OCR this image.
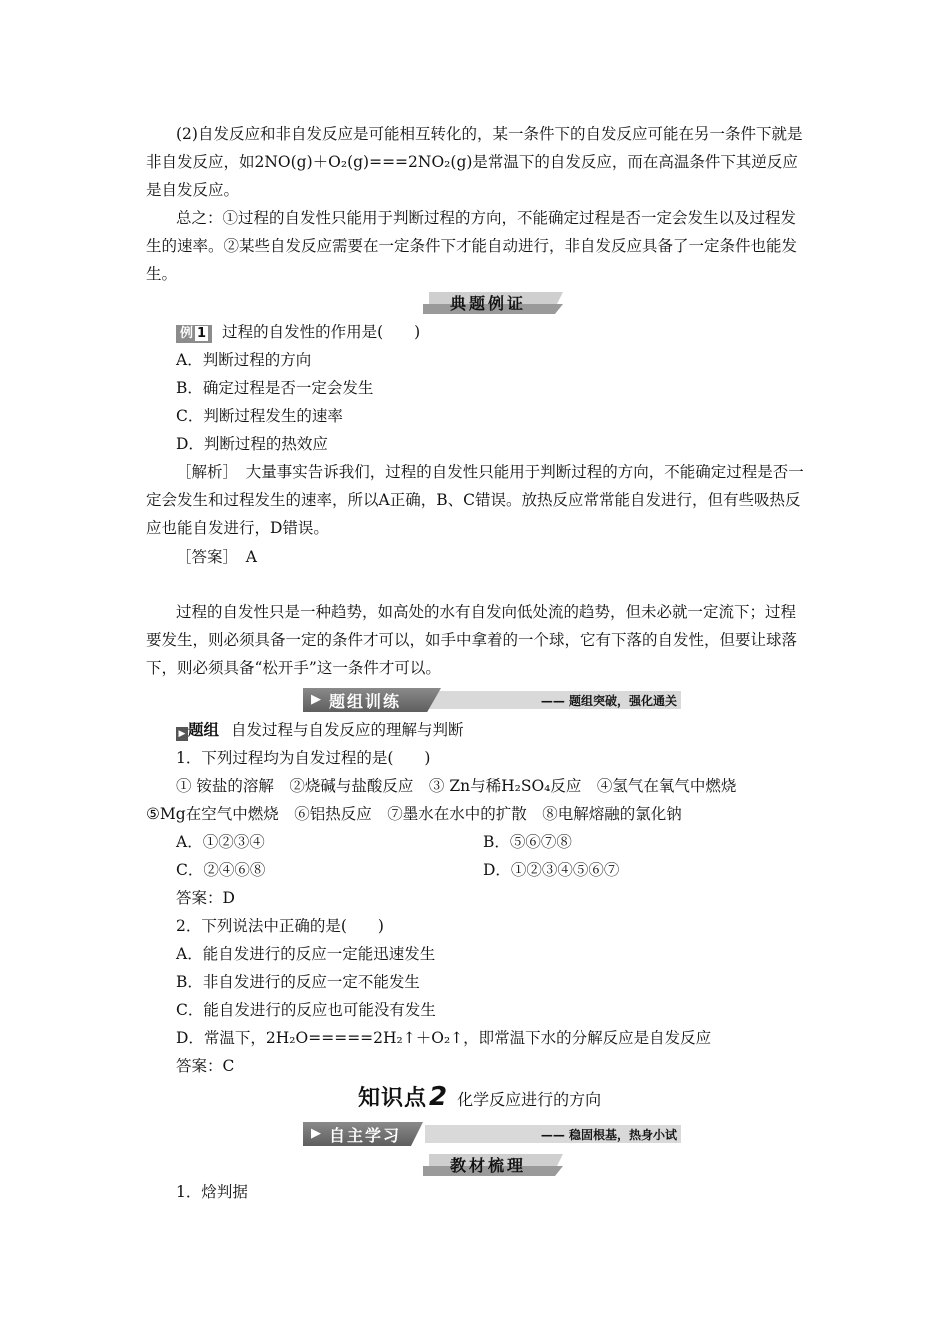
(2)自发反应和非自发反应是可能相互转化的，某一条件下的自发反应可能在另一条件下就是非自发反应，如2NO(g)＋O₂(g)===2NO₂(g)是常温下的自发反应，而在高温条件下其逆反应是自发反应。

总之：①过程的自发性只能用于判断过程的方向，不能确定过程是否一定会发生以及过程发生的速率。②某些自发反应需要在一定条件下才能自动进行，非自发反应具备了一定条件也能发生。

典题例证
例 1 过程的自发性的作用是(　　)
A．判断过程的方向
B．确定过程是否一定会发生
C．判断过程发生的速率
D．判断过程的热效应

［解析］　大量事实告诉我们，过程的自发性只能用于判断过程的方向，不能确定过程是否一定会发生和过程发生的速率，所以A正确，B、C错误。放热反应常常能自发进行，但有些吸热反应也能自发进行，D错误。

［答案］　A

过程的自发性只是一种趋势，如高处的水有自发向低处流的趋势，但未必就一定流下；过程要发生，则必须具备一定的条件才可以，如手中拿着的一个球，它有下落的自发性，但要让球落下，则必须具备“松开手”这一条件才可以。

▶ 题组训练	—— 题组突破，强化通关
▶ 题组 自发过程与自发反应的理解与判断
1．下列过程均为自发过程的是(　　)
① 铵盐的溶解　②烧碱与盐酸反应　③ Zn与稀H₂SO₄反应　④氢气在氧气中燃烧
⑤Mg在空气中燃烧　⑥铝热反应　⑦墨水在水中的扩散　⑧电解熔融的氯化钠
A．①②③④	B．⑤⑥⑦⑧
C．②④⑥⑧	D．①②③④⑤⑥⑦
答案：D
2．下列说法中正确的是(　　)
A．能自发进行的反应一定能迅速发生
B．非自发进行的反应一定不能发生
C．能自发进行的反应也可能没有发生
D．常温下，2H₂O=====2H₂↑＋O₂↑，即常温下水的分解反应是自发反应
答案：C
知识点2 化学反应进行的方向
▶ 自主学习	—— 稳固根基，热身小试
教材梳理
1．焓判据
